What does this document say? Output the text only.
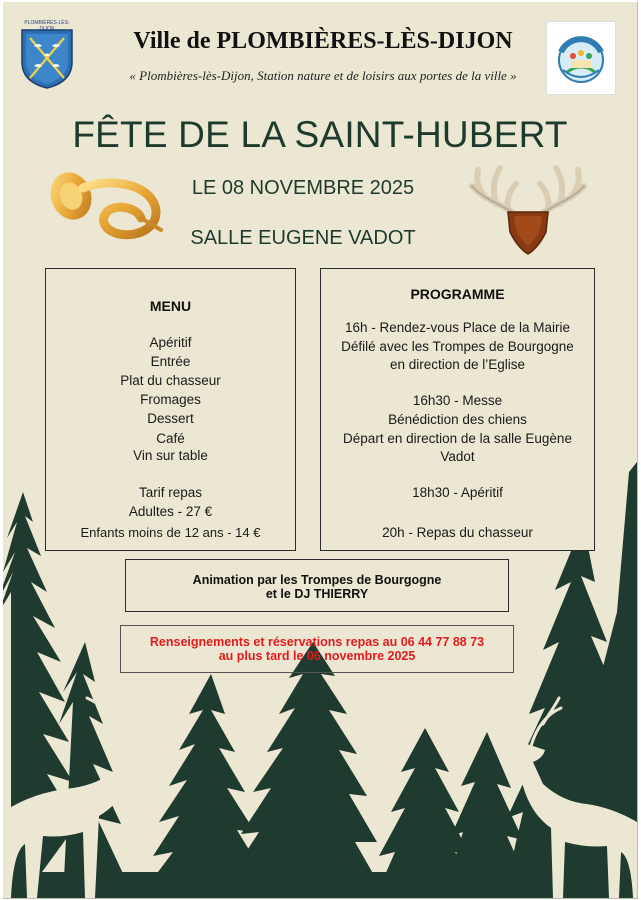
PLOMBIÈRES-LÈS-DIJON	Ville de PLOMBIÈRES-LÈS-DIJON
« Plombières-lès-Dijon, Station nature et de loisirs aux portes de la ville »
FÊTE DE LA SAINT-HUBERT
LE 08 NOVEMBRE 2025
SALLE EUGENE VADOT
MENU
Apéritif
Entrée
Plat du chasseur
Fromages
Dessert
Café
Vin sur table
Tarif repas
Adultes - 27 €
Enfants moins de 12 ans - 14 €
PROGRAMME
16h - Rendez-vous Place de la Mairie
Défilé avec les Trompes de Bourgogne
en direction de l’Eglise
16h30 - Messe
Bénédiction des chiens
Départ en direction de la salle Eugène
Vadot
18h30 - Apéritif
20h - Repas du chasseur
Animation par les Trompes de Bourgogne
et le DJ THIERRY
Renseignements et réservations repas au 06 44 77 88 73
au plus tard le 06 novembre 2025
